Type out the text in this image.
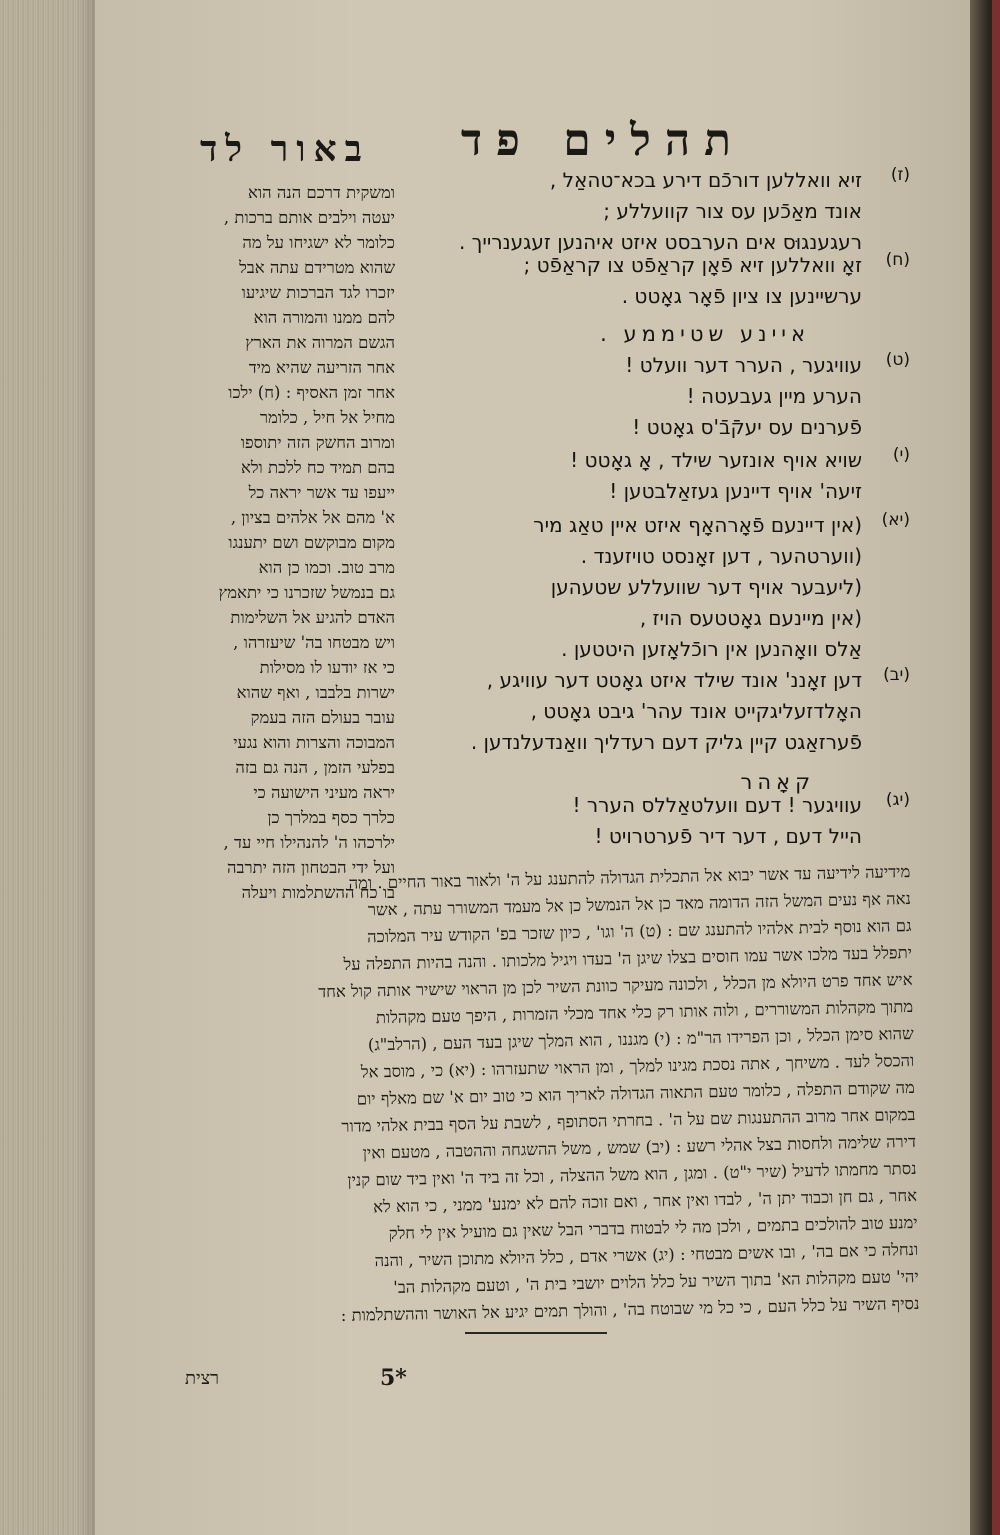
באור לד	תהלים פד
ומשקית דרכם הנה הוא
יעטה וילבים אותם ברכות ,
כלומר לא ישגיחו על מה
שהוא מטרידם עתה אבל
יזכרו לגד הברכות שיגיעו
להם ממנו והמורה הוא
הגשם המרוה את הארץ
אחר הזריעה שהיא מיד
אחר זמן האסיף : (ח) ילכו
מחיל אל חיל , כלומר
ומרוב החשק הזה יתוספו
בהם תמיד כח ללכת ולא
ייעפו עד אשר יראה כל
א' מהם אל אלהים בציון ,
מקום מבוקשם ושם יתענגו
מרב טוב. וכמו כן הוא
גם בנמשל שזכרנו כי יתאמץ
האדם להגיע אל השלימות
ויש מבטחו בה' שיעזרהו ,
כי אז יודעו לו מסילות
ישרות בלבבו , ואף שהוא
עובר בעולם הזה בעמק
המבוכה והצרות והוא נגעי
בפלעי הזמן , הנה גם בזה
יראה מעיני הישועה כי
כלרך כסף במלרך כן
ילרכהו ה' להנהילו חיי עד ,
ועל ידי הבטחון הזה יתרבה
בו כח ההשתלמות ויעלה
איינע שטיממע .
קאָהר
(ז)
זיא וואללען דורכֿם דירע בכא־טהאַל ,
אונד מאַכֿען עס צור קוועללע ;
רעגענגוּס אים הערבסט איזט איהנען זעגענרייך .
(ח)
זאָ וואללען זיא פֿאָן קראַפֿט צו קראַפֿט ;
ערשיינען צו ציון פֿאָר גאָטט .
(ט)
עוויגער , הערר דער וועלט !
הערע מיין געבעטה !
פֿערנים עס יעקֿבֿ'ס גאָטט !
(י)
שויא אויף אונזער שילד , אָ גאָטט !
זיעה' אויף דיינען געזאַלבטען !
(יא)
(אין דיינעם פֿאָרהאָף איזט איין טאַג מיר
(ווערטהער , דען זאָנסט טויזענד .
(ליעבער אויף דער שוועללע שטעהען
(אין מיינעם גאָטטעס הויז ,
אַלס וואָהנען אין רוכֿלאָזען היטטען .
(יב)
דען זאָננ' אונד שילד איזט גאָטט דער עוויגע ,
האָלדזעליגקייט אונד עהר' גיבט גאָטט ,
פֿערזאַגט קיין גליק דעם רעדליך וואַנדעלנדען .
(יג)
עוויגער ! דעם וועלטאַללס הערר !
הייל דעם , דער דיר פֿערטרויט !
מידיעה לידיעה עד אשר יבוא אל התכלית הגדולה להתענג על ה' ולאור באור החיים . ומה
נאה אף נעים המשל הזה הדומה מאד כן אל הנמשל כן אל מעמד המשורר עתה , אשר
גם הוא נוסף לבית אלהיו להתענג שם : (ט) ה' וגו' , כיון שזכר בפ' הקודש עיר המלוכה
יתפלל בעד מלכו אשר עמו חוסים בצלו שיגן ה' בעדו ויגיל מלכותו . והנה בהיות התפלה על
איש אחד פרט היולא מן הכלל , ולכונה מעיקר כוונת השיר לכן מן הראוי שישיר אותה קול אחד
מתוך מקהלות המשוררים , ולוה אותו רק כלי אחד מכלי הזמרות , היפך טעם מקהלות
שהוא סימן הכלל , וכן הפרידו הר"מ : (י) מגננו , הוא המלך שיגן בעד העם , (הרלב"ג)
והכסל לעד . משיחך , אתה נסכת מגינו למלך , ומן הראוי שתעזרהו : (יא) כי , מוסב אל
מה שקודם התפלה , כלומר טעם התאוה הגדולה לאריך הוא כי טוב יום א' שם מאלף יום
במקום אחר מרוב ההתענגות שם על ה' . בחרתי הסתופף , לשבת על הסף בבית אלהי מדור
דירה שלימה ולחסות בצל אהלי רשע : (יב) שמש , משל ההשגחה וההטבה , מטעם ואין
נסתר מחמתו לדעיל (שיר י"ט) . ומגן , הוא משל ההצלה , וכל זה ביד ה' ואין ביד שום קנין
אחר , גם חן וכבוד יתן ה' , לבדו ואין אחר , ואם זוכה להם לא ימנע' ממני , כי הוא לא
ימנע טוב להולכים בתמים , ולכן מה לי לבטוח בדברי הבל שאין גם מועיל אין לי חלק
ונחלה כי אם בה' , ובו אשים מבטחי : (יג) אשרי אדם , כלל היולא מתוכן השיר , והנה
יהי' טעם מקהלות הא' בתוך השיר על כלל הלוים יושבי בית ה' , וטעם מקהלות הב'
נסיף השיר על כלל העם , כי כל מי שבוטח בה' , והולך תמים יגיע אל האושר וההשתלמות :
5*
רצית
